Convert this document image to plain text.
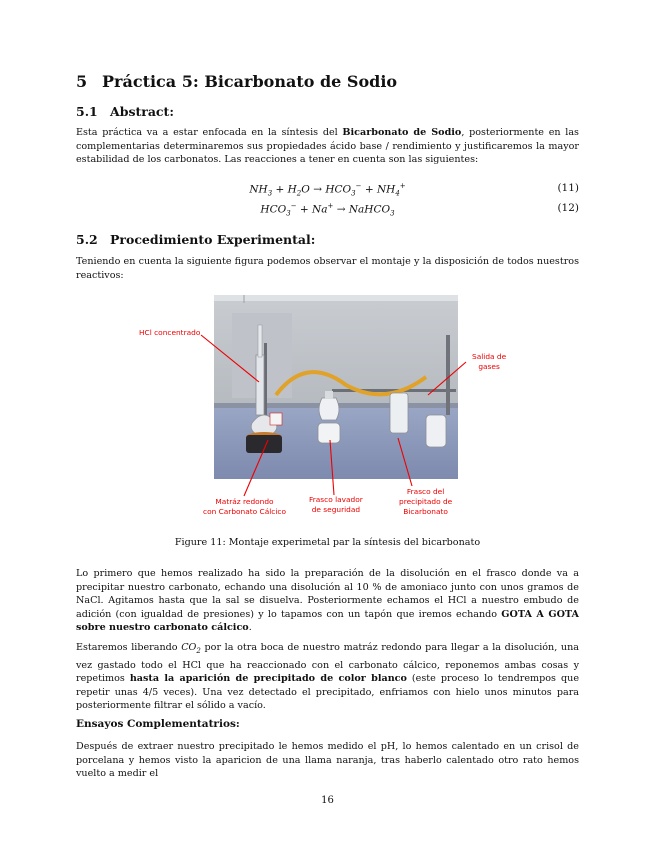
5 Práctica 5: Bicarbonato de Sodio
5.1 Abstract:
Esta práctica va a estar enfocada en la síntesis del Bicarbonato de Sodio, posteriormente en las complementarias determinaremos sus propiedades ácido base / rendimiento y justificaremos la mayor estabilidad de los carbonatos. Las reacciones a tener en cuenta son las siguientes:
$NH_3 + H_2O \to HCO_3^- + NH_4^+$	(11)
$HCO_3^- + Na^+$ → NaHCO$_3$	(12)
5.2 Procedimiento Experimental:
Teniendo en cuenta la siguiente figura podemos observar el montaje y la disposición de todos nuestros reactivos:
HCl concentrado
Salida de
gases
Matráz redondo
con Carbonato Cálcico
Frasco lavador
de seguridad
Frasco del
precipitado de
Bicarbonato
Figure 11: Montaje experimetal par la síntesis del bicarbonato
Lo primero que hemos realizado ha sido la preparación de la disolución en el frasco donde va a precipitar nuestro carbonato, echando una disolución al 10 % de amoniaco junto con unos gramos de NaCl. Agitamos hasta que la sal se disuelva. Posteriormente echamos el HCl a nuestro embudo de adición (con igualdad de presiones) y lo tapamos con un tapón que iremos echando GOTA A GOTA sobre nuestro carbonato cálcico.
Estaremos liberando $CO_2$ por la otra boca de nuestro matráz redondo para llegar a la disolución, una vez gastado todo el HCl que ha reaccionado con el carbonato cálcico, reponemos ambas cosas y repetimos hasta la aparición de precipitado de color blanco (este proceso lo tendrempos que repetir unas 4/5 veces). Una vez detectado el precipitado, enfriamos con hielo unos minutos para posteriormente filtrar el sólido a vacío.
Ensayos Complementatrios:
Después de extraer nuestro precipitado le hemos medido el pH, lo hemos calentado en un crisol de porcelana y hemos visto la aparicion de una llama naranja, tras haberlo calentado otro rato hemos vuelto a medir el
16
